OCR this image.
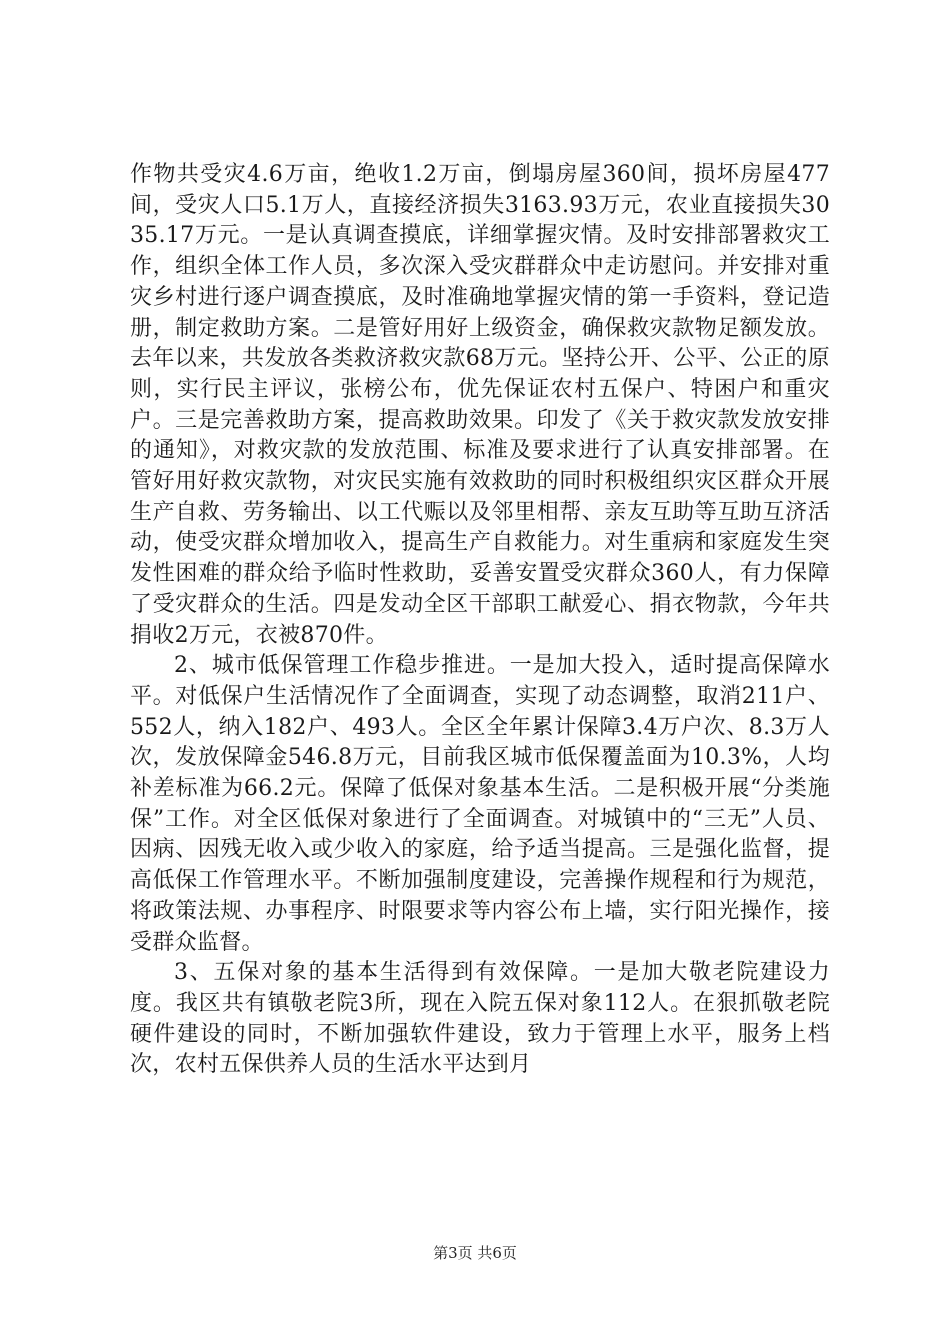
作物共受灾4.6万亩，绝收1.2万亩，倒塌房屋360间，损坏房屋477间，受灾人口5.1万人，直接经济损失3163.93万元，农业直接损失3035.17万元。一是认真调查摸底，详细掌握灾情。及时安排部署救灾工作，组织全体工作人员，多次深入受灾群群众中走访慰问。并安排对重灾乡村进行逐户调查摸底，及时准确地掌握灾情的第一手资料，登记造册，制定救助方案。二是管好用好上级资金，确保救灾款物足额发放。去年以来，共发放各类救济救灾款68万元。坚持公开、公平、公正的原则，实行民主评议，张榜公布，优先保证农村五保户、特困户和重灾户。三是完善救助方案，提高救助效果。印发了《关于救灾款发放安排的通知》，对救灾款的发放范围、标准及要求进行了认真安排部署。在管好用好救灾款物，对灾民实施有效救助的同时积极组织灾区群众开展生产自救、劳务输出、以工代赈以及邻里相帮、亲友互助等互助互济活动，使受灾群众增加收入，提高生产自救能力。对生重病和家庭发生突发性困难的群众给予临时性救助，妥善安置受灾群众360人，有力保障了受灾群众的生活。四是发动全区干部职工献爱心、捐衣物款，今年共捐收2万元，衣被870件。

2、城市低保管理工作稳步推进。一是加大投入，适时提高保障水平。对低保户生活情况作了全面调查，实现了动态调整，取消211户、552人，纳入182户、493人。全区全年累计保障3.4万户次、8.3万人次，发放保障金546.8万元，目前我区城市低保覆盖面为10.3%，人均补差标准为66.2元。保障了低保对象基本生活。二是积极开展“分类施保”工作。对全区低保对象进行了全面调查。对城镇中的“三无”人员、因病、因残无收入或少收入的家庭，给予适当提高。三是强化监督，提高低保工作管理水平。不断加强制度建设，完善操作规程和行为规范，将政策法规、办事程序、时限要求等内容公布上墙，实行阳光操作，接受群众监督。

3、五保对象的基本生活得到有效保障。一是加大敬老院建设力度。我区共有镇敬老院3所，现在入院五保对象112人。在狠抓敬老院硬件建设的同时，不断加强软件建设，致力于管理上水平，服务上档次，农村五保供养人员的生活水平达到月

第3页 共6页
